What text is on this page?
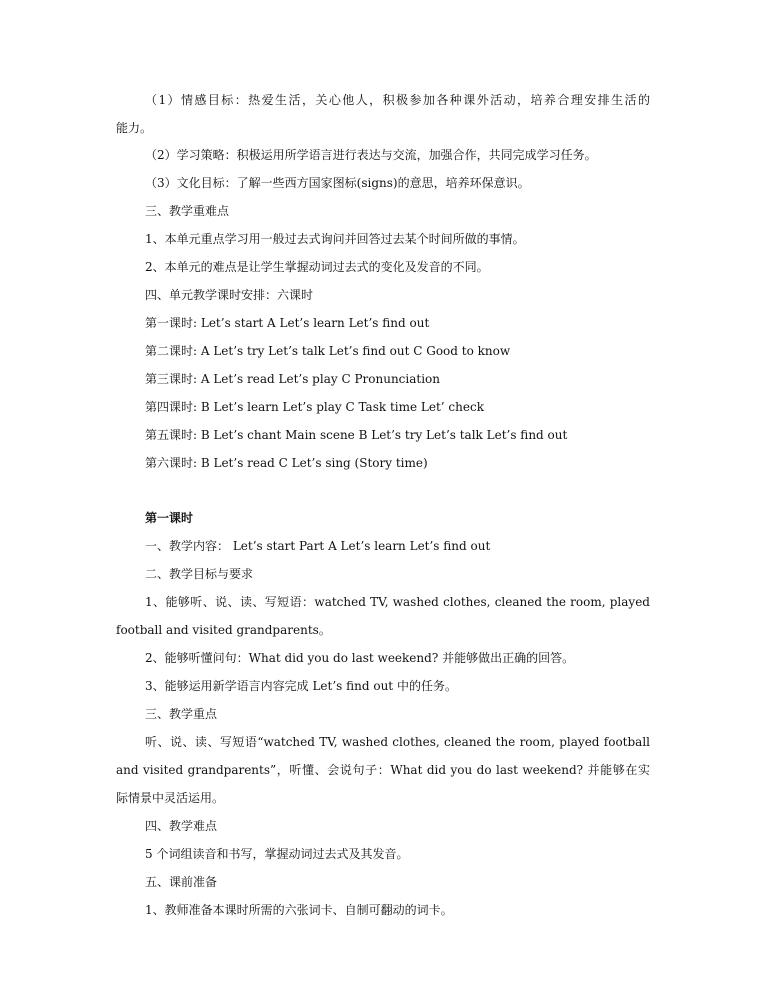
（1）情感目标：热爱生活，关心他人，积极参加各种课外活动，培养合理安排生活的
能力。
（2）学习策略：积极运用所学语言进行表达与交流，加强合作，共同完成学习任务。
（3）文化目标：了解一些西方国家图标(signs)的意思，培养环保意识。
三、教学重难点
1、本单元重点学习用一般过去式询问并回答过去某个时间所做的事情。
2、本单元的难点是让学生掌握动词过去式的变化及发音的不同。
四、单元教学课时安排：六课时
第一课时: Let’s start A Let’s learn Let’s find out
第二课时: A Let’s try Let’s talk Let’s find out C Good to know
第三课时: A Let’s read Let’s play C Pronunciation
第四课时: B Let’s learn Let’s play C Task time Let’ check
第五课时: B Let’s chant Main scene B Let’s try Let’s talk Let’s find out
第六课时: B Let’s read C Let’s sing (Story time)
第一课时
一、教学内容： Let’s start Part A Let’s learn Let’s find out
二、教学目标与要求
1、能够听、说、读、写短语：watched TV, washed clothes, cleaned the room, played
football and visited grandparents。
2、能够听懂问句：What did you do last weekend? 并能够做出正确的回答。
3、能够运用新学语言内容完成 Let’s find out 中的任务。
三、教学重点
听、说、读、写短语“watched TV, washed clothes, cleaned the room, played football
and visited grandparents”，听懂、会说句子：What did you do last weekend? 并能够在实
际情景中灵活运用。
四、教学难点
5 个词组读音和书写，掌握动词过去式及其发音。
五、课前准备
1、教师准备本课时所需的六张词卡、自制可翻动的词卡。
